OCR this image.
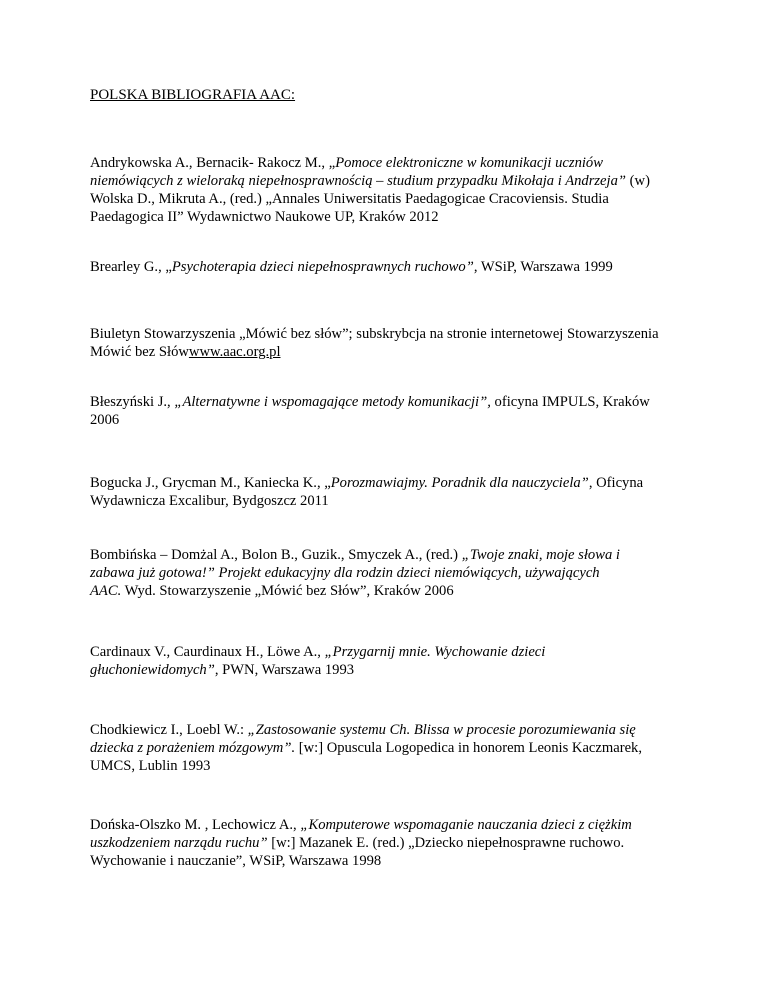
POLSKA BIBLIOGRAFIA AAC:
Andrykowska A., Bernacik- Rakocz M., „Pomoce elektroniczne w komunikacji uczniów
niemówiących z wieloraką niepełnosprawnością – studium przypadku Mikołaja i Andrzeja” (w)
Wolska D., Mikruta A., (red.) „Annales Uniwersitatis Paedagogicae Cracoviensis. Studia
Paedagogica II” Wydawnictwo Naukowe UP, Kraków 2012
Brearley G., „Psychoterapia dzieci niepełnosprawnych ruchowo”, WSiP, Warszawa 1999
Biuletyn Stowarzyszenia „Mówić bez słów”; subskrybcja na stronie internetowej Stowarzyszenia
Mówić bez Słówwww.aac.org.pl
Błeszyński J., „Alternatywne i wspomagające metody komunikacji”, oficyna IMPULS, Kraków
2006
Bogucka J., Grycman M., Kaniecka K., „Porozmawiajmy. Poradnik dla nauczyciela”, Oficyna
Wydawnicza Excalibur, Bydgoszcz 2011
Bombińska – Domżal A., Bolon B., Guzik., Smyczek A., (red.) „Twoje znaki, moje słowa i
zabawa już gotowa!” Projekt edukacyjny dla rodzin dzieci niemówiących, używających
AAC. Wyd. Stowarzyszenie „Mówić bez Słów”, Kraków 2006
Cardinaux V., Caurdinaux H., Löwe A., „Przygarnij mnie. Wychowanie dzieci
głuchoniewidomych”, PWN, Warszawa 1993
Chodkiewicz I., Loebl W.: „Zastosowanie systemu Ch. Blissa w procesie porozumiewania się
dziecka z porażeniem mózgowym”. [w:] Opuscula Logopedica in honorem Leonis Kaczmarek,
UMCS, Lublin 1993
Dońska-Olszko M. , Lechowicz A., „Komputerowe wspomaganie nauczania dzieci z ciężkim
uszkodzeniem narządu ruchu” [w:] Mazanek E. (red.) „Dziecko niepełnosprawne ruchowo.
Wychowanie i nauczanie”, WSiP, Warszawa 1998
